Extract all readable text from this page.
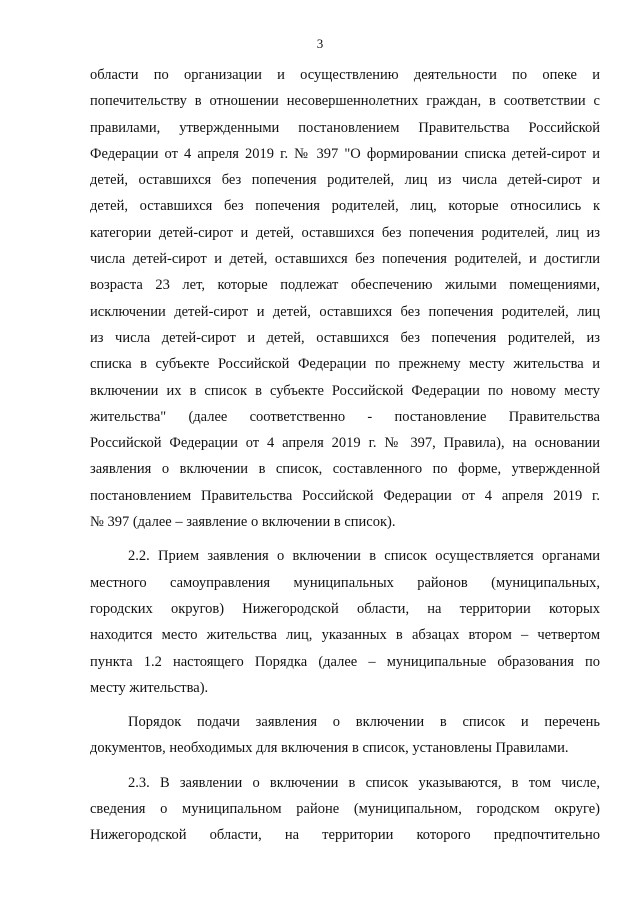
3
области по организации и осуществлению деятельности по опеке и
попечительству в отношении несовершеннолетних граждан, в соответствии с
правилами, утвержденными постановлением Правительства Российской
Федерации от 4 апреля 2019 г. № 397 "О формировании списка детей-сирот и
детей, оставшихся без попечения родителей, лиц из числа детей-сирот и
детей, оставшихся без попечения родителей, лиц, которые относились к
категории детей-сирот и детей, оставшихся без попечения родителей, лиц из
числа детей-сирот и детей, оставшихся без попечения родителей, и достигли
возраста 23 лет, которые подлежат обеспечению жилыми помещениями,
исключении детей-сирот и детей, оставшихся без попечения родителей, лиц
из числа детей-сирот и детей, оставшихся без попечения родителей, из
списка в субъекте Российской Федерации по прежнему месту жительства и
включении их в список в субъекте Российской Федерации по новому месту
жительства" (далее соответственно - постановление Правительства
Российской Федерации от 4 апреля 2019 г. № 397, Правила), на основании
заявления о включении в список, составленного по форме, утвержденной
постановлением Правительства Российской Федерации от 4 апреля 2019 г.
№ 397 (далее – заявление о включении в список).
2.2. Прием заявления о включении в список осуществляется органами
местного самоуправления муниципальных районов (муниципальных,
городских округов) Нижегородской области, на территории которых
находится место жительства лиц, указанных в абзацах втором – четвертом
пункта 1.2 настоящего Порядка (далее – муниципальные образования по
месту жительства).
Порядок подачи заявления о включении в список и перечень
документов, необходимых для включения в список, установлены Правилами.
2.3. В заявлении о включении в список указываются, в том числе,
сведения о муниципальном районе (муниципальном, городском округе)
Нижегородской области, на территории которого предпочтительно
